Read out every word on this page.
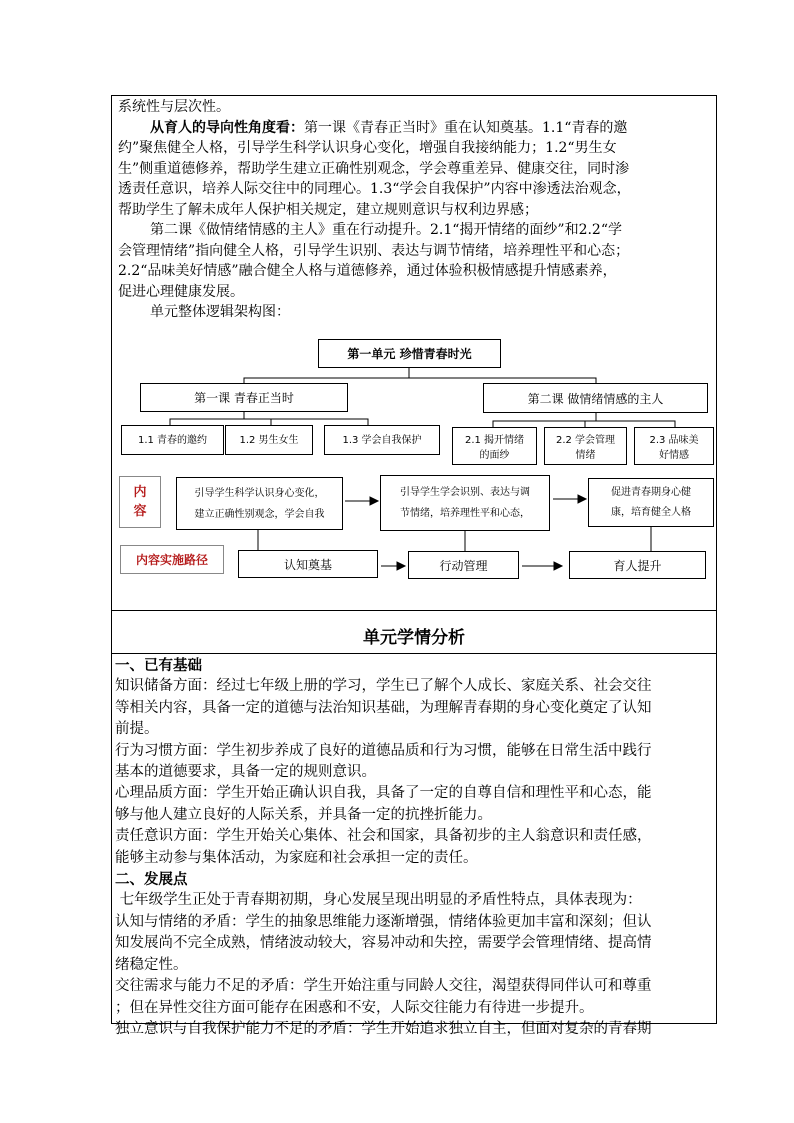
系统性与层次性。
从育人的导向性角度看：第一课《青春正当时》重在认知奠基。1.1“青春的邀
约”聚焦健全人格，引导学生科学认识身心变化，增强自我接纳能力；1.2“男生女
生”侧重道德修养，帮助学生建立正确性别观念，学会尊重差异、健康交往，同时渗
透责任意识，培养人际交往中的同理心。1.3“学会自我保护”内容中渗透法治观念，
帮助学生了解未成年人保护相关规定，建立规则意识与权利边界感；
第二课《做情绪情感的主人》重在行动提升。2.1“揭开情绪的面纱”和2.2“学
会管理情绪”指向健全人格，引导学生识别、表达与调节情绪，培养理性平和心态；
2.2“品味美好情感”融合健全人格与道德修养，通过体验积极情感提升情感素养，
促进心理健康发展。
单元整体逻辑架构图：
第一单元 珍惜青春时光
第一课 青春正当时	第二课 做情绪情感的主人
1.1 青春的邀约	1.2 男生女生	1.3 学会自我保护	2.1 揭开情绪
的面纱
2.2 学会管理
情绪
2.3 品味美
好情感
内
容
引导学生科学认识身心变化，
建立正确性别观念，学会自我
引导学生学会识别、表达与调
节情绪，培养理性平和心态，
促进青春期身心健
康，培育健全人格
内容实施路径	认知奠基	行动管理	育人提升
单元学情分析
一、已有基础
知识储备方面：经过七年级上册的学习，学生已了解个人成长、家庭关系、社会交往
等相关内容，具备一定的道德与法治知识基础，为理解青春期的身心变化奠定了认知
前提。
行为习惯方面：学生初步养成了良好的道德品质和行为习惯，能够在日常生活中践行
基本的道德要求，具备一定的规则意识。
心理品质方面：学生开始正确认识自我，具备了一定的自尊自信和理性平和心态，能
够与他人建立良好的人际关系，并具备一定的抗挫折能力。
责任意识方面：学生开始关心集体、社会和国家，具备初步的主人翁意识和责任感，
能够主动参与集体活动，为家庭和社会承担一定的责任。
二、发展点
七年级学生正处于青春期初期，身心发展呈现出明显的矛盾性特点，具体表现为：
认知与情绪的矛盾：学生的抽象思维能力逐渐增强，情绪体验更加丰富和深刻；但认
知发展尚不完全成熟，情绪波动较大，容易冲动和失控，需要学会管理情绪、提高情
绪稳定性。
交往需求与能力不足的矛盾：学生开始注重与同龄人交往，渴望获得同伴认可和尊重
；但在异性交往方面可能存在困惑和不安，人际交往能力有待进一步提升。
独立意识与自我保护能力不足的矛盾：学生开始追求独立自主，但面对复杂的青春期
